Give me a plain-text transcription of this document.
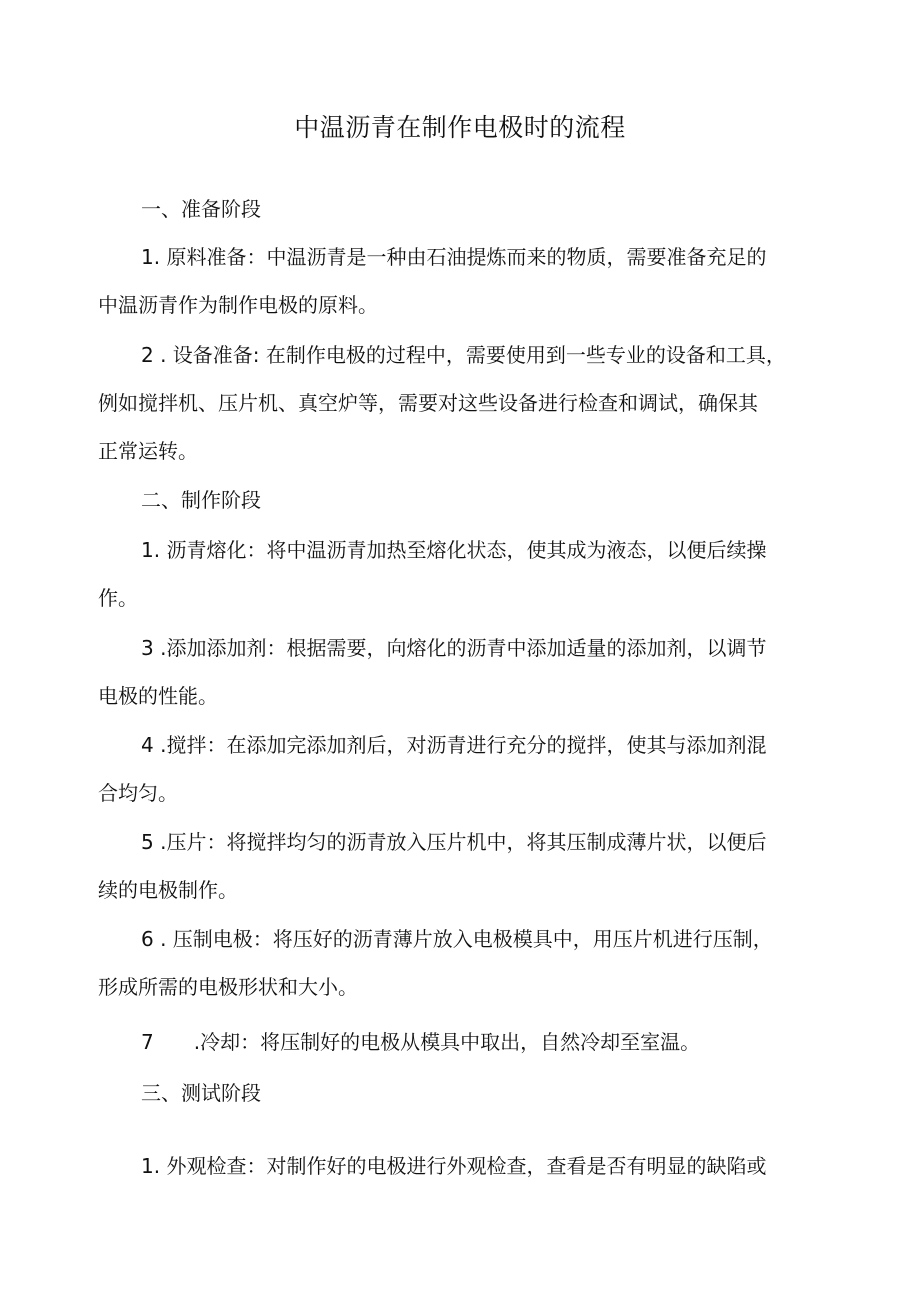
中温沥青在制作电极时的流程
一、准备阶段
1. 原料准备：中温沥青是一种由石油提炼而来的物质，需要准备充足的
中温沥青作为制作电极的原料。
2 . 设备准备: 在制作电极的过程中，需要使用到一些专业的设备和工具，
例如搅拌机、压片机、真空炉等，需要对这些设备进行检查和调试，确保其
正常运转。
二、制作阶段
1. 沥青熔化：将中温沥青加热至熔化状态，使其成为液态，以便后续操
作。
3 .添加添加剂：根据需要，向熔化的沥青中添加适量的添加剂，以调节
电极的性能。
4 .搅拌：在添加完添加剂后，对沥青进行充分的搅拌，使其与添加剂混
合均匀。
5 .压片：将搅拌均匀的沥青放入压片机中，将其压制成薄片状，以便后
续的电极制作。
6 . 压制电极：将压好的沥青薄片放入电极模具中，用压片机进行压制，
形成所需的电极形状和大小。
7　　.冷却：将压制好的电极从模具中取出，自然冷却至室温。
三、测试阶段
1. 外观检查：对制作好的电极进行外观检查，查看是否有明显的缺陷或
